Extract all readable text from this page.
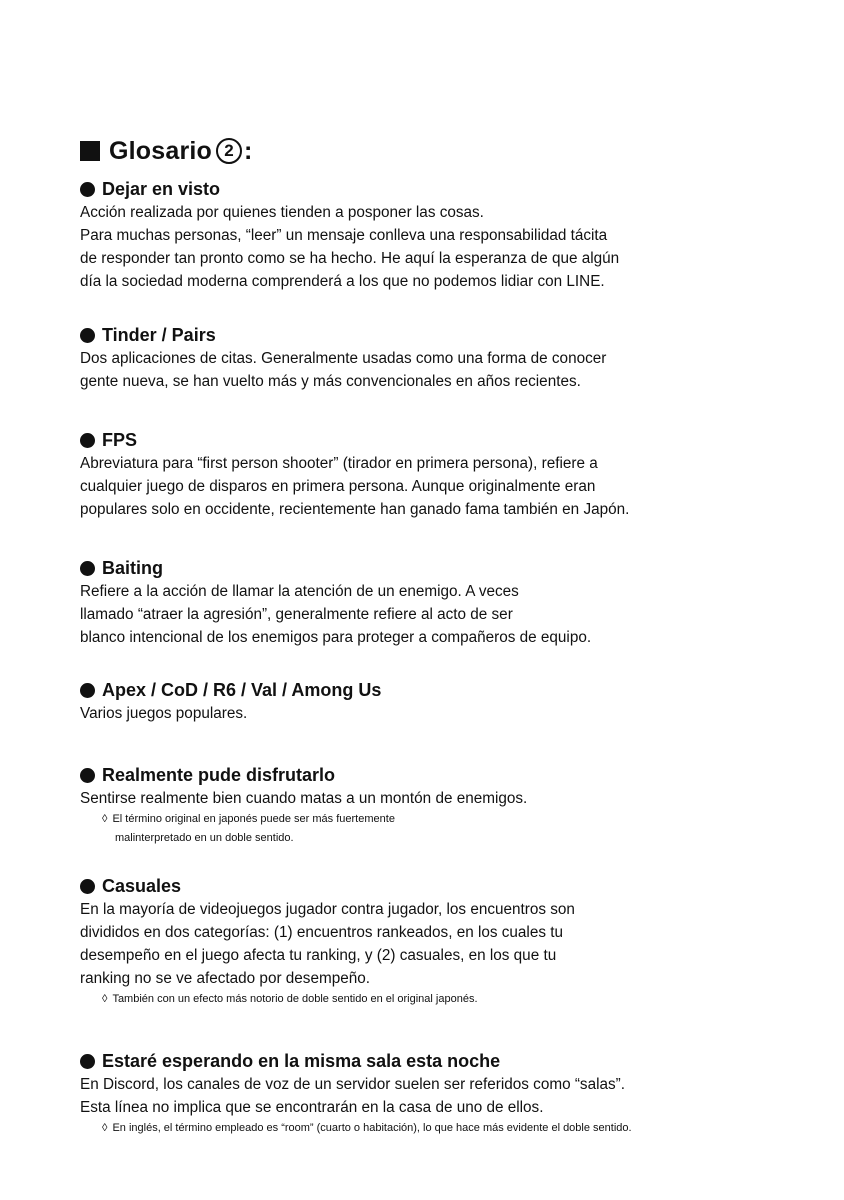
Glosario 2 :
Dejar en visto
Acción realizada por quienes tienden a posponer las cosas.
Para muchas personas, “leer” un mensaje conlleva una responsabilidad tácita
de responder tan pronto como se ha hecho. He aquí la esperanza de que algún
día la sociedad moderna comprenderá a los que no podemos lidiar con LINE.
Tinder / Pairs
Dos aplicaciones de citas. Generalmente usadas como una forma de conocer
gente nueva, se han vuelto más y más convencionales en años recientes.
FPS
Abreviatura para “first person shooter” (tirador en primera persona), refiere a
cualquier juego de disparos en primera persona. Aunque originalmente eran
populares solo en occidente, recientemente han ganado fama también en Japón.
Baiting
Refiere a la acción de llamar la atención de un enemigo. A veces
llamado “atraer la agresión”, generalmente refiere al acto de ser
blanco intencional de los enemigos para proteger a compañeros de equipo.
Apex / CoD / R6 / Val / Among Us
Varios juegos populares.
Realmente pude disfrutarlo
Sentirse realmente bien cuando matas a un montón de enemigos.
◊ El término original en japonés puede ser más fuertemente
malinterpretado en un doble sentido.
Casuales
En la mayoría de videojuegos jugador contra jugador, los encuentros son
divididos en dos categorías: (1) encuentros rankeados, en los cuales tu
desempeño en el juego afecta tu ranking, y (2) casuales, en los que tu
ranking no se ve afectado por desempeño.
◊ También con un efecto más notorio de doble sentido en el original japonés.
Estaré esperando en la misma sala esta noche
En Discord, los canales de voz de un servidor suelen ser referidos como “salas”.
Esta línea no implica que se encontrarán en la casa de uno de ellos.
◊ En inglés, el término empleado es “room” (cuarto o habitación), lo que hace más evidente el doble sentido.
